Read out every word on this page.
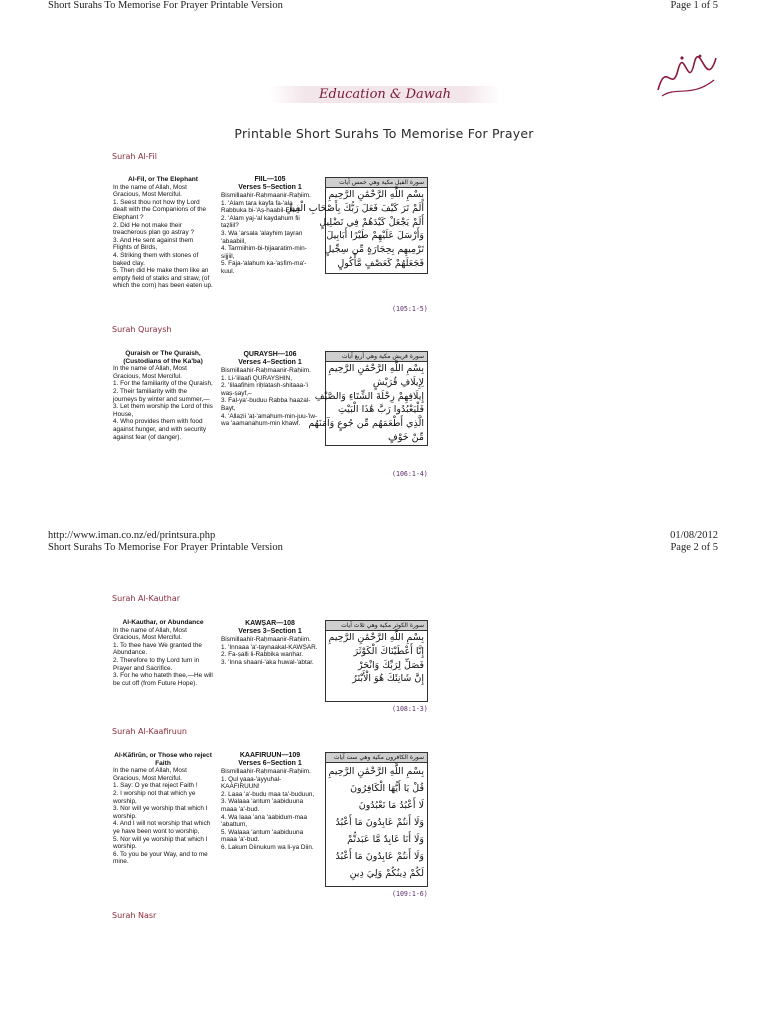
Short Surahs To Memorise For Prayer Printable Version	Page 1 of 5
Education & Dawah
Printable Short Surahs To Memorise For Prayer
Surah Al-Fil
Al-Fil, or The Elephant

In the name of Allah, Most Gracious, Most Merciful.

1. Seest thou not how thy Lord dealt with the Companions of the Elephant ?

2. Did He not make their treacherous plan go astray ?

3. And He sent against them Flights of Birds,

4. Striking them with stones of baked clay.

5. Then did He make them like an empty field of stalks and straw, (of which the corn) has been eaten up.

FIIL—105
Verses 5–Section 1

Bismillaahir-Raḥmaanir-Raḥiim.

1. 'Alam tara kayfa fa-'ala Rabbuka bi-'Aṣ-haabil-FIIL?

2. 'Alam yaj-'al kaydahum fii taẓliil?

3. Wa 'arsala 'alayhim ṭayran 'abaabiil,

4. Tarmiihim-bi-ḥijaaratim-min-sijjiil,

5. Faja-'alahum ka-'aṣfim-ma'-kuul.

سورة الفيل مكية وهي خمس آيات
بِسْمِ اللَّهِ الرَّحْمَٰنِ الرَّحِيمِ
أَلَمْ تَرَ كَيْفَ فَعَلَ رَبُّكَ بِأَصْحَابِ الْفِيلِ
أَلَمْ يَجْعَلْ كَيْدَهُمْ فِي تَضْلِيلٍ
وَأَرْسَلَ عَلَيْهِمْ طَيْرًا أَبَابِيلَ
تَرْمِيهِم بِحِجَارَةٍ مِّن سِجِّيلٍ
فَجَعَلَهُمْ كَعَصْفٍ مَّأْكُولٍ
(105:1-5)
Surah Quraysh
Quraish or The Quraish, (Custodians of the Ka'ba)

In the name of Allah, Most Gracious, Most Merciful.

1. For the familiarity of the Quraish,

2. Their familiarity with the journeys by winter and summer,—

3. Let them worship the Lord of this House,

4. Who provides them with food against hunger, and with security against fear (of danger).

QURAYSH—106
Verses 4–Section 1

Bismillaahir-Raḥmaanir-Raḥiim.

1. Li-'iilaafi QURAYSHIN,

2. 'Iilaafihim riḥlatash-shitaaa-'i waṣ-ṣayf,–

3. Fal-ya'-buduu Rabba haazal-Bayt,

4. 'Allaẓii 'aṭ-'amahum-min-juu-'iw-wa 'aamanahum-min khawf.

سورة قريش مكية وهي أربع آيات
بِسْمِ اللَّهِ الرَّحْمَٰنِ الرَّحِيمِ
لِإِيلَافِ قُرَيْشٍ
إِيلَافِهِمْ رِحْلَةَ الشِّتَاءِ وَالصَّيْفِ
فَلْيَعْبُدُوا رَبَّ هَٰذَا الْبَيْتِ
الَّذِي أَطْعَمَهُم مِّن جُوعٍ وَآمَنَهُم
مِّنْ خَوْفٍ
(106:1-4)
http://www.iman.co.nz/ed/printsura.php	01/08/2012
Short Surahs To Memorise For Prayer Printable Version	Page 2 of 5
Surah Al-Kauthar
Al-Kauthar, or Abundance

In the name of Allah, Most Gracious, Most Merciful.

1. To thee have We granted the Abundance.

2. Therefore to thy Lord turn in Prayer and Sacrifice.

3. For he who hateth thee,—He will be cut off (from Future Hope).

KAWṢAR—108
Verses 3–Section 1

Bismillaahir-Raḥmaanir-Raḥiim.

1. 'Innaaa 'a'-ṭaynaakal-KAWṢAR.

2. Fa-ṣalli li-Rabbika wanhar.

3. 'Inna shaani-'aka huwal-'abtar.

سورة الكوثر مكية وهي ثلاث آيات
بِسْمِ اللَّهِ الرَّحْمَٰنِ الرَّحِيمِ
إِنَّا أَعْطَيْنَاكَ الْكَوْثَرَ
فَصَلِّ لِرَبِّكَ وَانْحَرْ
إِنَّ شَانِئَكَ هُوَ الْأَبْتَرُ
(108:1-3)
Surah Al-Kaafiruun
Al-Kāfirūn, or Those who reject Faith

In the name of Allah, Most Gracious, Most Merciful.

1. Say: O ye that reject Faith !

2. I worship not that which ye worship,

3. Nor will ye worship that which I worship.

4. And I will not worship that which ye have been wont to worship,

5. Nor will ye worship that which I worship.

6. To you be your Way, and to me mine.

KAAFIRUUN—109
Verses 6–Section 1

Bismillaahir-Raḥmaanir-Raḥiim.

1. Qul yaaa-'ayyuhal-KAAFIRUUN!

2. Laaa 'a'-budu maa ta'-buduun,

3. Walaaa 'antum 'aabiduuna maaa 'a'-bud.

4. Wa laaa 'ana 'aabidum-maa 'abattum,

5. Walaaa 'antum 'aabiduuna maaa 'a'-bud.

6. Lakum Diinukum wa li-ya Diin.

سورة الكافرون مكية وهي ست آيات
بِسْمِ اللَّهِ الرَّحْمَٰنِ الرَّحِيمِ
قُلْ يَا أَيُّهَا الْكَافِرُونَ
لَا أَعْبُدُ مَا تَعْبُدُونَ
وَلَا أَنتُمْ عَابِدُونَ مَا أَعْبُدُ
وَلَا أَنَا عَابِدٌ مَّا عَبَدتُّمْ
وَلَا أَنتُمْ عَابِدُونَ مَا أَعْبُدُ
لَكُمْ دِينُكُمْ وَلِيَ دِينِ
(109:1-6)
Surah Nasr
